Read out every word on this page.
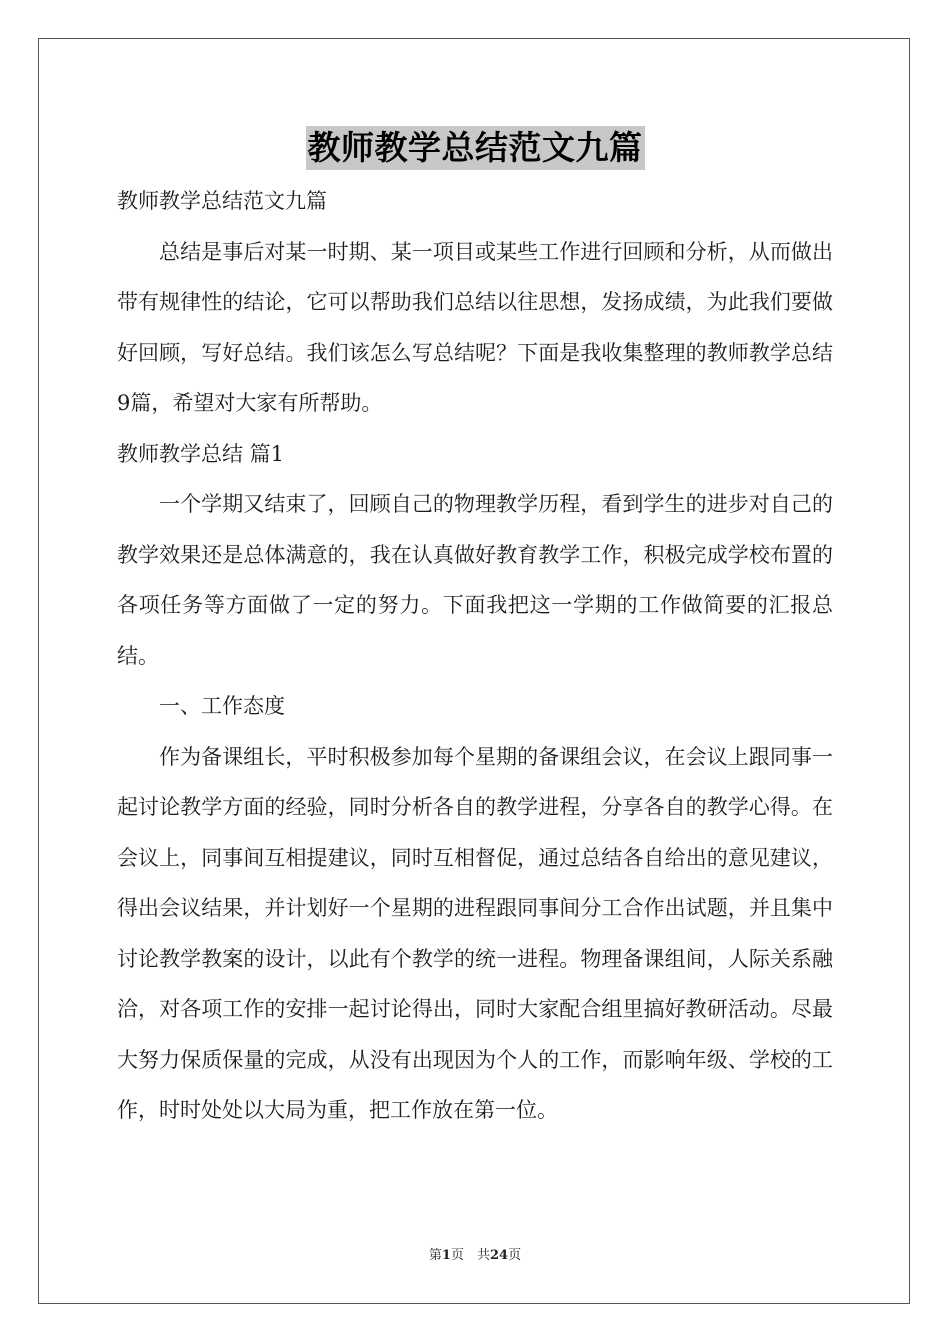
教师教学总结范文九篇

教师教学总结范文九篇

总结是事后对某一时期、某一项目或某些工作进行回顾和分析，从而做出带有规律性的结论，它可以帮助我们总结以往思想，发扬成绩，为此我们要做好回顾，写好总结。我们该怎么写总结呢？下面是我收集整理的教师教学总结9篇，希望对大家有所帮助。

教师教学总结 篇1

一个学期又结束了，回顾自己的物理教学历程，看到学生的进步对自己的教学效果还是总体满意的，我在认真做好教育教学工作，积极完成学校布置的各项任务等方面做了一定的努力。下面我把这一学期的工作做简要的汇报总结。

一、工作态度

作为备课组长，平时积极参加每个星期的备课组会议，在会议上跟同事一起讨论教学方面的经验，同时分析各自的教学进程，分享各自的教学心得。在会议上，同事间互相提建议，同时互相督促，通过总结各自给出的意见建议，得出会议结果，并计划好一个星期的进程跟同事间分工合作出试题，并且集中讨论教学教案的设计，以此有个教学的统一进程。物理备课组间，人际关系融洽，对各项工作的安排一起讨论得出，同时大家配合组里搞好教研活动。尽最大努力保质保量的完成，从没有出现因为个人的工作，而影响年级、学校的工作，时时处处以大局为重，把工作放在第一位。

第1页　共24页
